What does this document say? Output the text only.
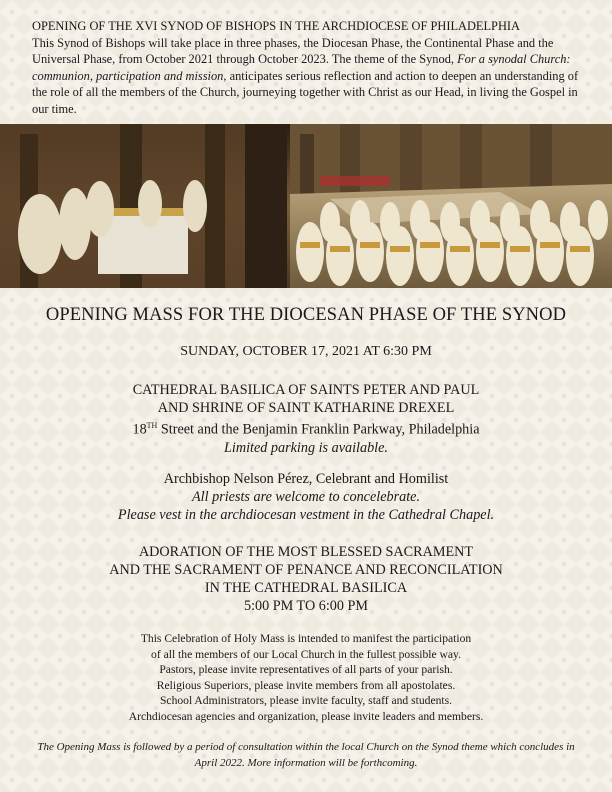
OPENING OF THE XVI SYNOD OF BISHOPS IN THE ARCHDIOCESE OF PHILADELPHIA
This Synod of Bishops will take place in three phases, the Diocesan Phase, the Continental Phase and the Universal Phase, from October 2021 through October 2023. The theme of the Synod, For a synodal Church: communion, participation and mission, anticipates serious reflection and action to deepen an understanding of the role of all the members of the Church, journeying together with Christ as our Head, in living the Gospel in our time.
OPENING MASS FOR THE DIOCESAN PHASE OF THE SYNOD
SUNDAY, OCTOBER 17, 2021 AT 6:30 PM
CATHEDRAL BASILICA OF SAINTS PETER AND PAUL
AND SHRINE OF SAINT KATHARINE DREXEL
18TH Street and the Benjamin Franklin Parkway, Philadelphia
Limited parking is available.
Archbishop Nelson Pérez, Celebrant and Homilist
All priests are welcome to concelebrate.
Please vest in the archdiocesan vestment in the Cathedral Chapel.
ADORATION OF THE MOST BLESSED SACRAMENT
AND THE SACRAMENT OF PENANCE AND RECONCILATION
IN THE CATHEDRAL BASILICA
5:00 PM TO 6:00 PM
This Celebration of Holy Mass is intended to manifest the participation
of all the members of our Local Church in the fullest possible way.
Pastors, please invite representatives of all parts of your parish.
Religious Superiors, please invite members from all apostolates.
School Administrators, please invite faculty, staff and students.
Archdiocesan agencies and organization, please invite leaders and members.
The Opening Mass is followed by a period of consultation within the local Church on the Synod theme which concludes in April 2022. More information will be forthcoming.
